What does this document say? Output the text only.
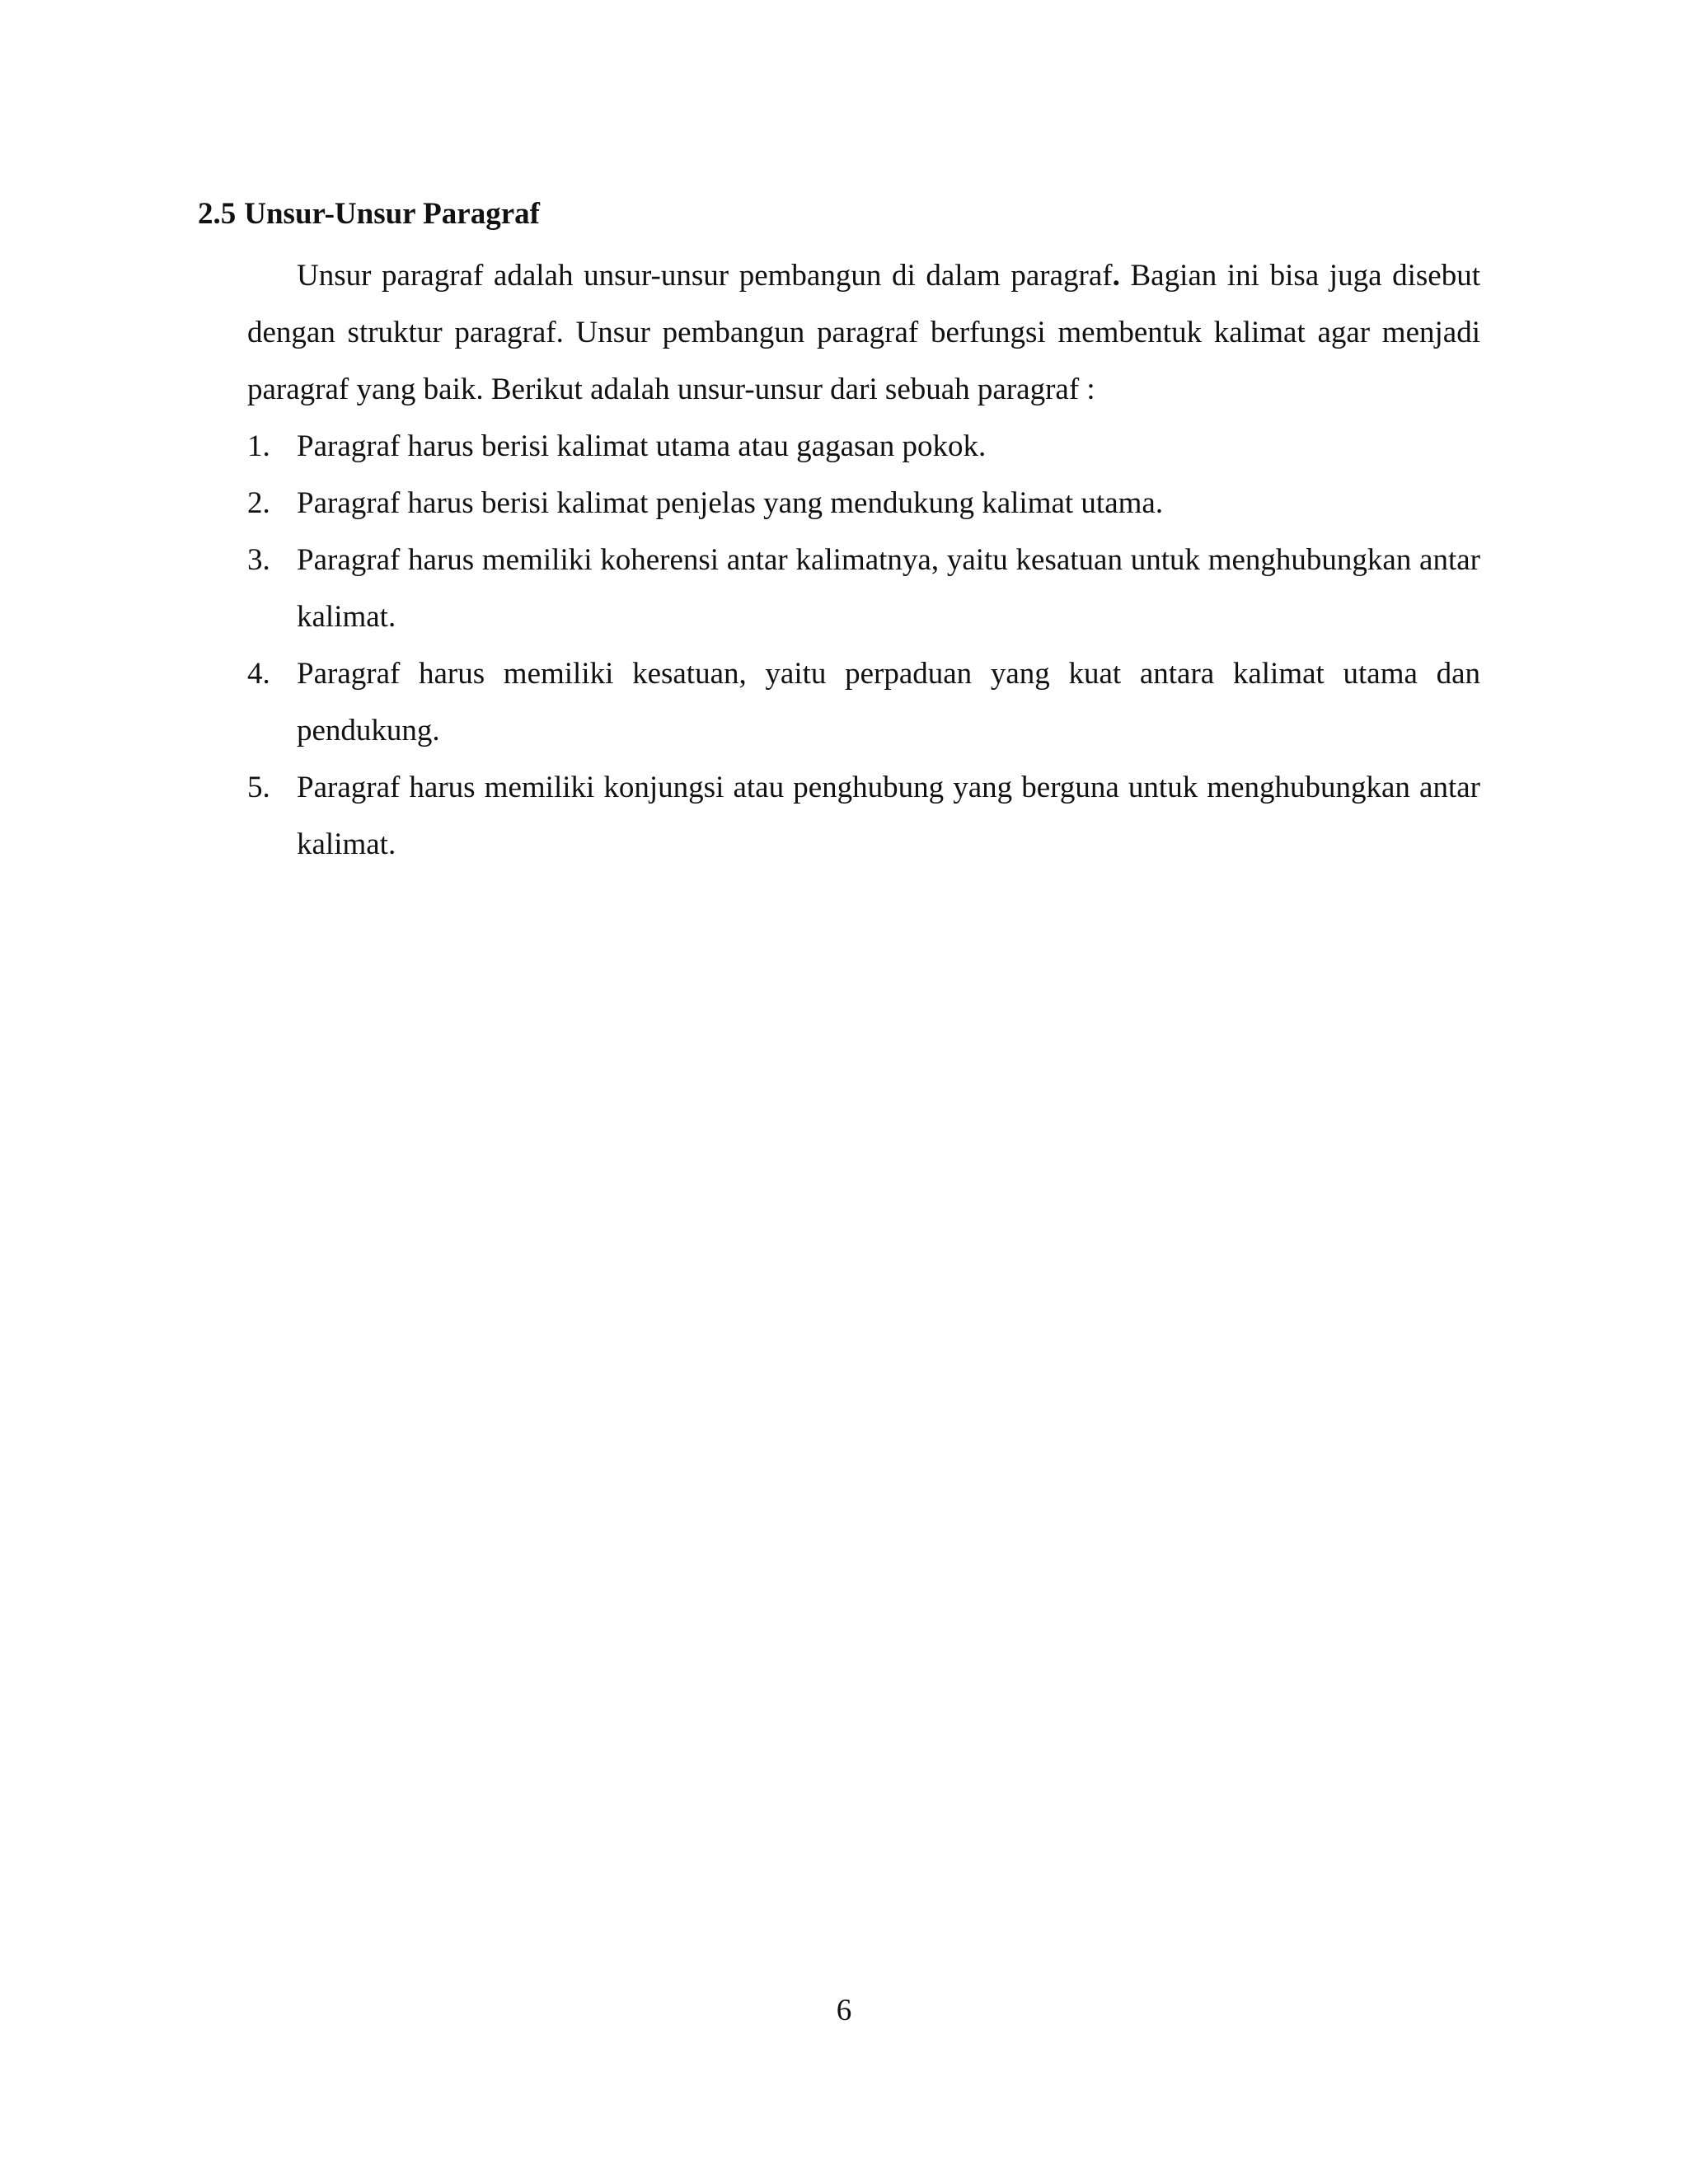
2.5 Unsur-Unsur Paragraf

Unsur paragraf adalah unsur-unsur pembangun di dalam paragraf. Bagian ini bisa juga disebut dengan struktur paragraf. Unsur pembangun paragraf berfungsi membentuk kalimat agar menjadi paragraf yang baik. Berikut adalah unsur-unsur dari sebuah paragraf :

1. Paragraf harus berisi kalimat utama atau gagasan pokok.
2. Paragraf harus berisi kalimat penjelas yang mendukung kalimat utama.
3. Paragraf harus memiliki koherensi antar kalimatnya, yaitu kesatuan untuk menghubungkan antar kalimat.
4. Paragraf harus memiliki kesatuan, yaitu perpaduan yang kuat antara kalimat utama dan pendukung.
5. Paragraf harus memiliki konjungsi atau penghubung yang berguna untuk menghubungkan antar kalimat.
6
